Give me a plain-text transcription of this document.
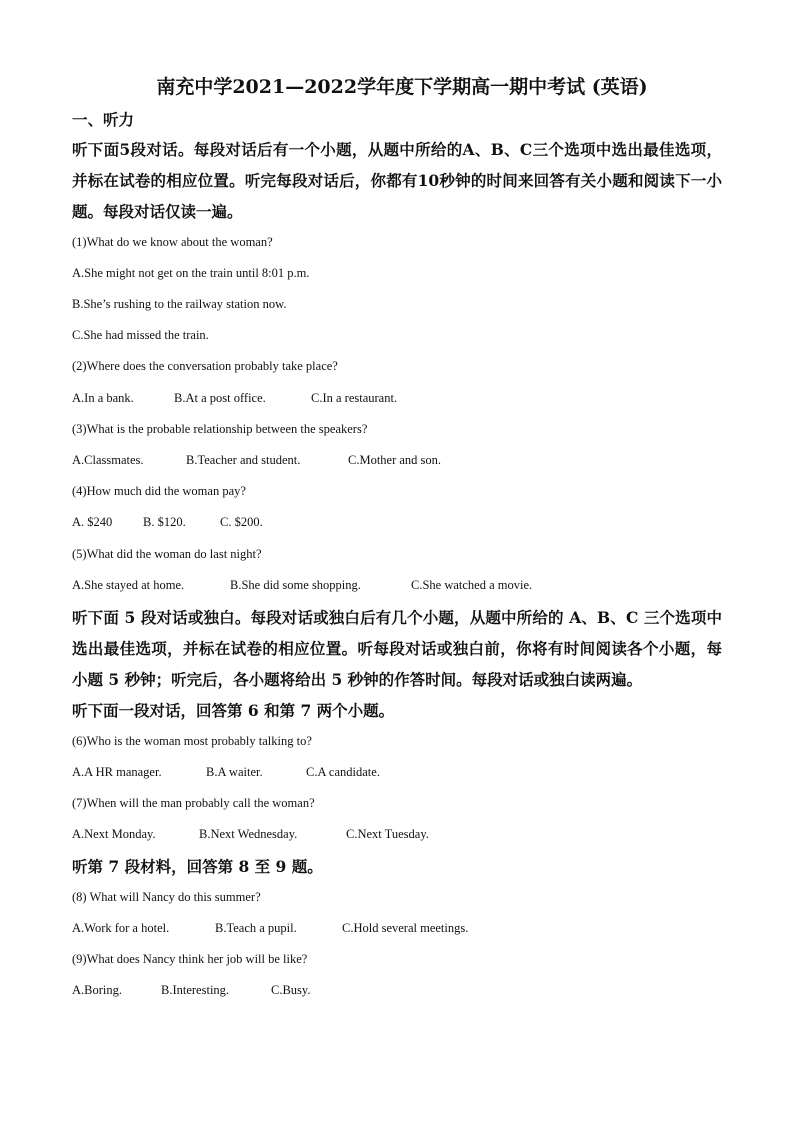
南充中学2021—2022学年度下学期高一期中考试 (英语)
一、听力
听下面5段对话。每段对话后有一个小题，从题中所给的A、B、C三个选项中选出最佳选项，并标在试卷的相应位置。听完每段对话后，你都有10秒钟的时间来回答有关小题和阅读下一小题。每段对话仅读一遍。
(1)What do we know about the woman?
A.She might not get on the train until 8:01 p.m.
B.She’s rushing to the railway station now.
C.She had missed the train.
(2)Where does the conversation probably take place?
A.In a bank.	B.At a post office.	C.In a restaurant.
(3)What is the probable relationship between the speakers?
A.Classmates.	B.Teacher and student.	C.Mother and son.
(4)How much did the woman pay?
A. $240 B. $120.	C. $200.
(5)What did the woman do last night?
A.She stayed at home.	B.She did some shopping.	C.She watched a movie.
听下面 5 段对话或独白。每段对话或独白后有几个小题，从题中所给的 A、B、C 三个选项中选出最佳选项，并标在试卷的相应位置。听每段对话或独白前，你将有时间阅读各个小题，每小题 5 秒钟；听完后，各小题将给出 5 秒钟的作答时间。每段对话或独白读两遍。
听下面一段对话，回答第 6 和第 7 两个小题。
(6)Who is the woman most probably talking to?
A.A HR manager.	B.A waiter.	C.A candidate.
(7)When will the man probably call the woman?
A.Next Monday.	B.Next Wednesday.	C.Next Tuesday.
听第 7 段材料，回答第 8 至 9 题。
(8) What will Nancy do this summer?
A.Work for a hotel.	B.Teach a pupil.	C.Hold several meetings.
(9)What does Nancy think her job will be like?
A.Boring.	B.Interesting.	C.Busy.
